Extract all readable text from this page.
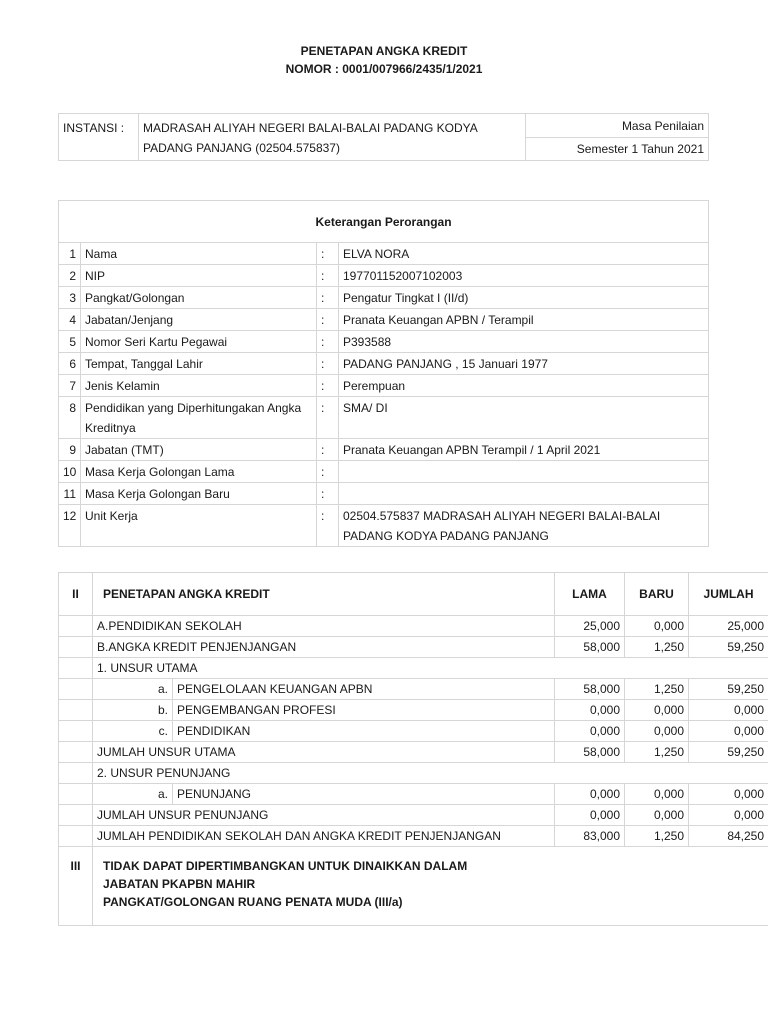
PENETAPAN ANGKA KREDIT
NOMOR : 0001/007966/2435/1/2021
INSTANSI :	MADRASAH ALIYAH NEGERI BALAI-BALAI PADANG KODYA PADANG PANJANG (02504.575837)	Masa Penilaian
Semester 1 Tahun 2021
Keterangan Perorangan			
1	Nama	:	ELVA NORA
2	NIP	:	197701152007102003
3	Pangkat/Golongan	:	Pengatur Tingkat I (II/d)
4	Jabatan/Jenjang	:	Pranata Keuangan APBN / Terampil
5	Nomor Seri Kartu Pegawai	:	P393588
6	Tempat, Tanggal Lahir	:	PADANG PANJANG , 15 Januari 1977
7	Jenis Kelamin	:	Perempuan
8	Pendidikan yang Diperhitungakan Angka Kreditnya	:	SMA/ DI
9	Jabatan (TMT)	:	Pranata Keuangan APBN Terampil / 1 April 2021
10	Masa Kerja Golongan Lama	:	
11	Masa Kerja Golongan Baru	:	
12	Unit Kerja	:	02504.575837 MADRASAH ALIYAH NEGERI BALAI-BALAI PADANG KODYA PADANG PANJANG
II	PENETAPAN ANGKA KREDIT		LAMA	BARU	JUMLAH
	A.PENDIDIKAN SEKOLAH		25,000	0,000	25,000
	B.ANGKA KREDIT PENJENJANGAN		58,000	1,250	59,250
	1. UNSUR UTAMA				
	a.	PENGELOLAAN KEUANGAN APBN	58,000	1,250	59,250
	b.	PENGEMBANGAN PROFESI	0,000	0,000	0,000
	c.	PENDIDIKAN	0,000	0,000	0,000
	JUMLAH UNSUR UTAMA		58,000	1,250	59,250
	2. UNSUR PENUNJANG				
	a.	PENUNJANG	0,000	0,000	0,000
	JUMLAH UNSUR PENUNJANG		0,000	0,000	0,000
	JUMLAH PENDIDIKAN SEKOLAH DAN ANGKA KREDIT PENJENJANGAN		83,000	1,250	84,250
III	TIDAK DAPAT DIPERTIMBANGKAN UNTUK DINAIKKAN DALAM
JABATAN PKAPBN MAHIR
PANGKAT/GOLONGAN RUANG PENATA MUDA (III/a)				
